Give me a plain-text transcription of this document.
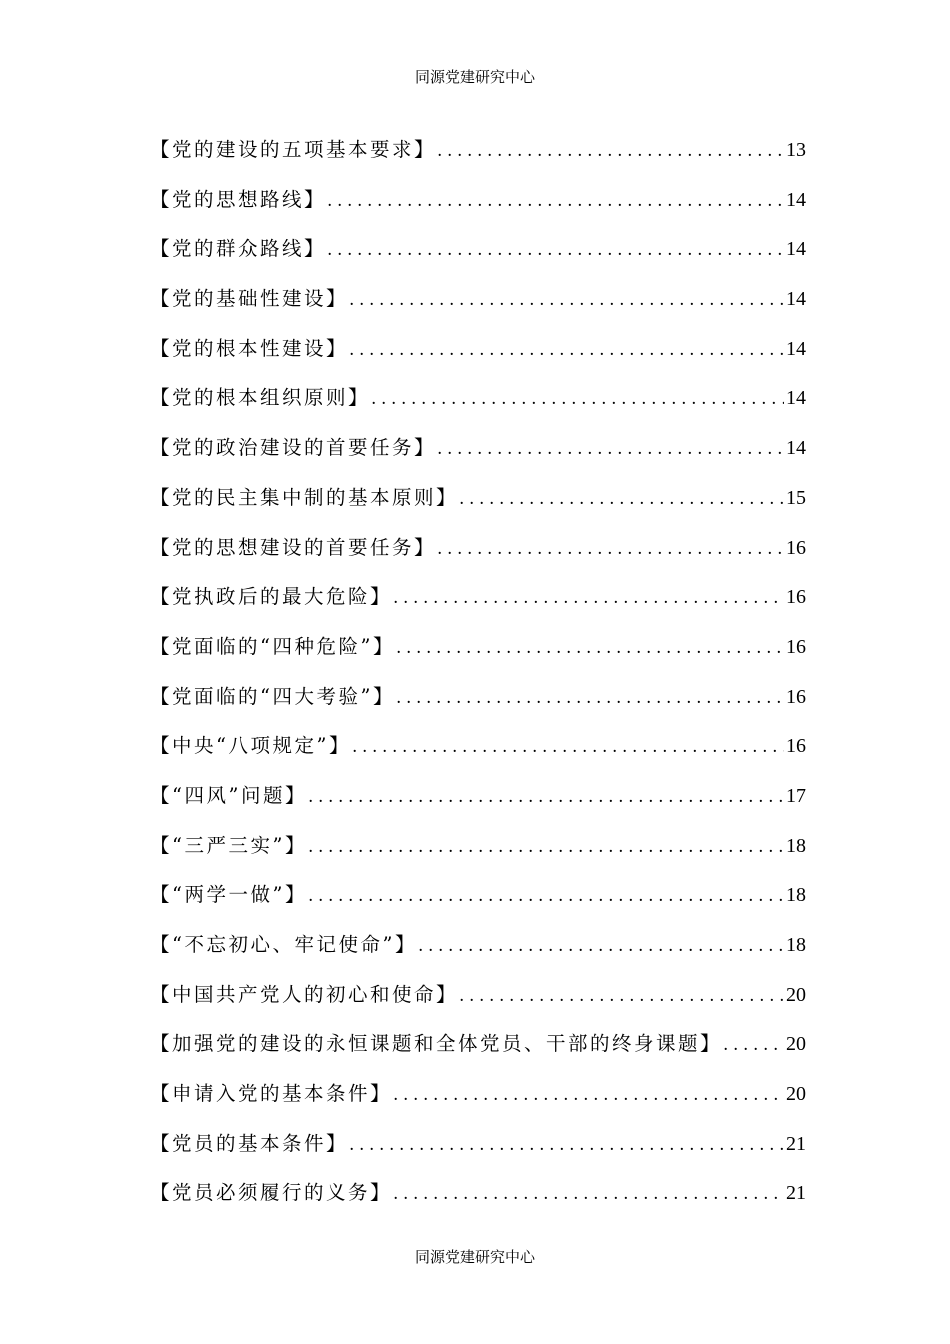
同源党建研究中心
【党的建设的五项基本要求】 .....	13
【党的思想路线】 .....	14
【党的群众路线】 .....	14
【党的基础性建设】 .....	14
【党的根本性建设】 .....	14
【党的根本组织原则】 .....	14
【党的政治建设的首要任务】 .....	14
【党的民主集中制的基本原则】 .....	15
【党的思想建设的首要任务】 .....	16
【党执政后的最大危险】 .....	16
【党面临的“四种危险”】 .....	16
【党面临的“四大考验”】 .....	16
【中央“八项规定”】 .....	16
【“四风”问题】 .....	17
【“三严三实”】 .....	18
【“两学一做”】 .....	18
【“不忘初心、牢记使命”】 .....	18
【中国共产党人的初心和使命】 .....	20
【加强党的建设的永恒课题和全体党员、干部的终身课题】 .....	20
【申请入党的基本条件】 .....	20
【党员的基本条件】 .....	21
【党员必须履行的义务】 .....	21
同源党建研究中心
